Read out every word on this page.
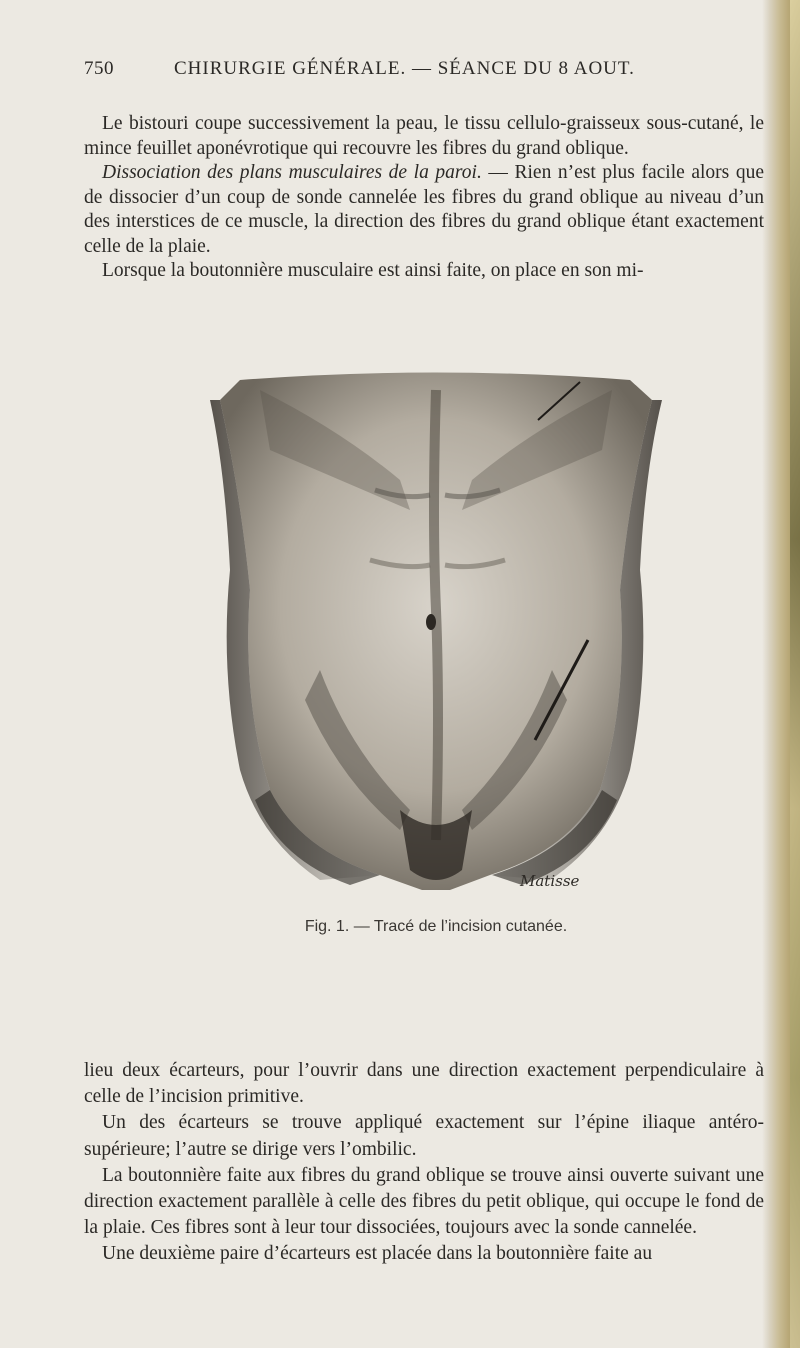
750	CHIRURGIE GÉNÉRALE. — SÉANCE DU 8 AOUT.

Le bistouri coupe successivement la peau, le tissu cellulo-graisseux sous-cutané, le mince feuillet aponévrotique qui recouvre les fibres du grand oblique.

Dissociation des plans musculaires de la paroi. — Rien n’est plus facile alors que de dissocier d’un coup de sonde cannelée les fibres du grand oblique au niveau d’un des interstices de ce muscle, la direction des fibres du grand oblique étant exactement celle de la plaie.

Lorsque la boutonnière musculaire est ainsi faite, on place en son mi-

Matisse
Fig. 1. — Tracé de l’incision cutanée.

lieu deux écarteurs, pour l’ouvrir dans une direction exactement perpendiculaire à celle de l’incision primitive.

Un des écarteurs se trouve appliqué exactement sur l’épine iliaque antéro-supérieure; l’autre se dirige vers l’ombilic.

La boutonnière faite aux fibres du grand oblique se trouve ainsi ouverte suivant une direction exactement parallèle à celle des fibres du petit oblique, qui occupe le fond de la plaie. Ces fibres sont à leur tour dissociées, toujours avec la sonde cannelée.

Une deuxième paire d’écarteurs est placée dans la boutonnière faite au
